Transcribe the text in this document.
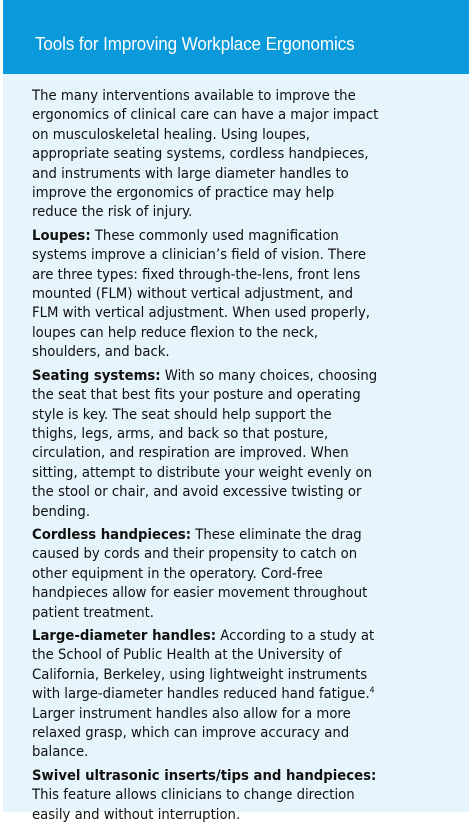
Tools for Improving Workplace Ergonomics

The many interventions available to improve the ergonomics of clinical care can have a major impact on musculoskeletal healing. Using loupes, appropriate seating systems, cordless handpieces, and instruments with large diameter handles to improve the ergonomics of practice may help reduce the risk of injury.

Loupes: These commonly used magnification systems improve a clinician’s field of vision. There are three types: fixed through-the-lens, front lens mounted (FLM) without vertical adjustment, and FLM with vertical adjustment. When used properly, loupes can help reduce flexion to the neck, shoulders, and back.

Seating systems: With so many choices, choosing the seat that best fits your posture and operating style is key. The seat should help support the thighs, legs, arms, and back so that posture, circulation, and respiration are improved. When sitting, attempt to distribute your weight evenly on the stool or chair, and avoid excessive twisting or bending.

Cordless handpieces: These eliminate the drag caused by cords and their propensity to catch on other equipment in the operatory. Cord-free handpieces allow for easier movement throughout patient treatment.

Large-diameter handles: According to a study at the School of Public Health at the University of California, Berkeley, using lightweight instruments with large-diameter handles reduced hand fatigue.$^4$ Larger instrument handles also allow for a more relaxed grasp, which can improve accuracy and balance.

Swivel ultrasonic inserts/tips and handpieces: This feature allows clinicians to change direction easily and without interruption.
